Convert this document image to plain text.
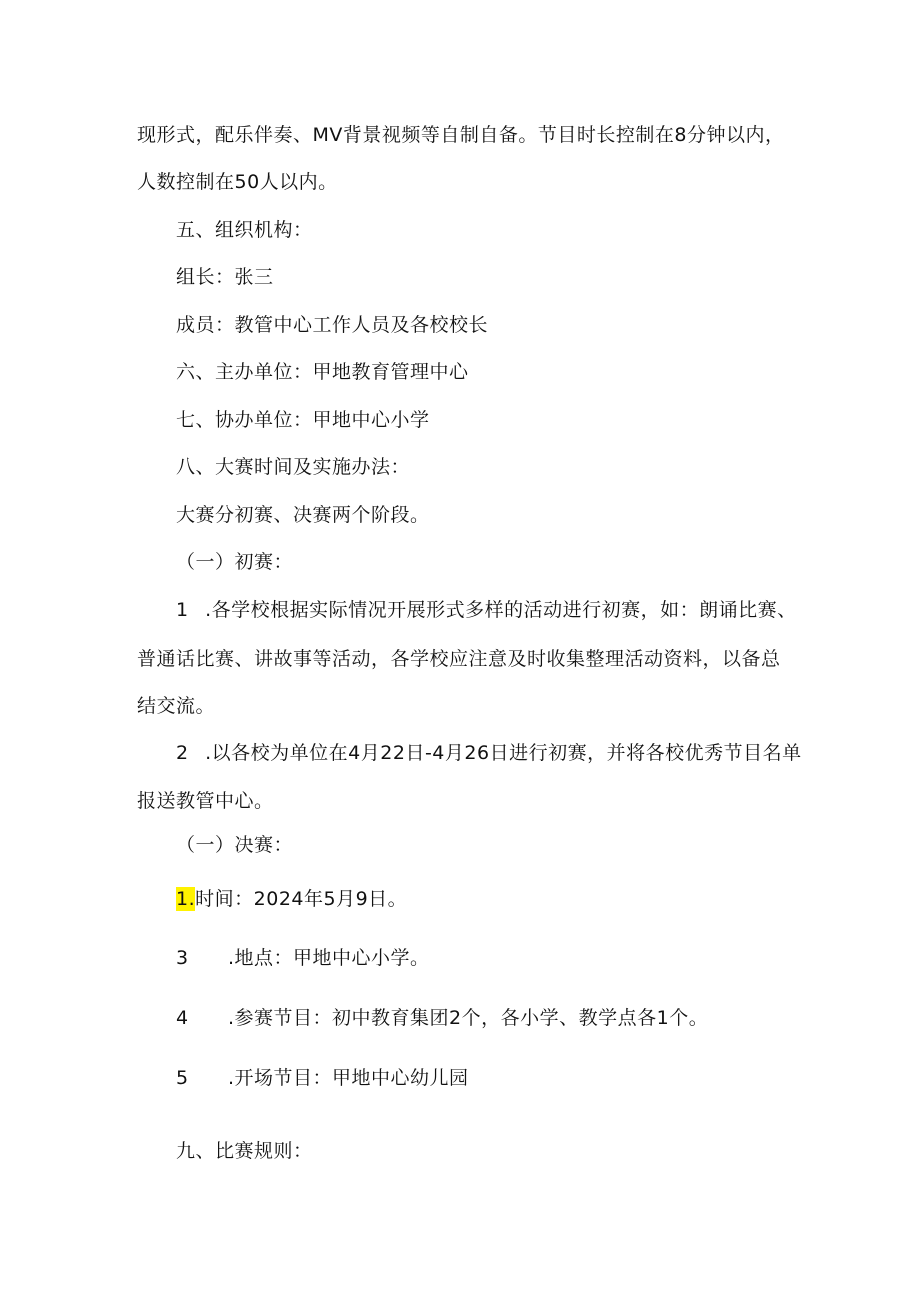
现形式，配乐伴奏、MV背景视频等自制自备。节目时长控制在8分钟以内，
人数控制在50人以内。
五、组织机构：
组长：张三
成员：教管中心工作人员及各校校长
六、主办单位：甲地教育管理中心
七、协办单位：甲地中心小学
八、大赛时间及实施办法：
大赛分初赛、决赛两个阶段。
（一）初赛：
1 .各学校根据实际情况开展形式多样的活动进行初赛，如：朗诵比赛、
普通话比赛、讲故事等活动，各学校应注意及时收集整理活动资料，以备总
结交流。
2 .以各校为单位在4月22日-4月26日进行初赛，并将各校优秀节目名单
报送教管中心。
（一）决赛：
1.时间：2024年5月9日。
3 .地点：甲地中心小学。
4 .参赛节目：初中教育集团2个，各小学、教学点各1个。
5 .开场节目：甲地中心幼儿园
九、比赛规则：
